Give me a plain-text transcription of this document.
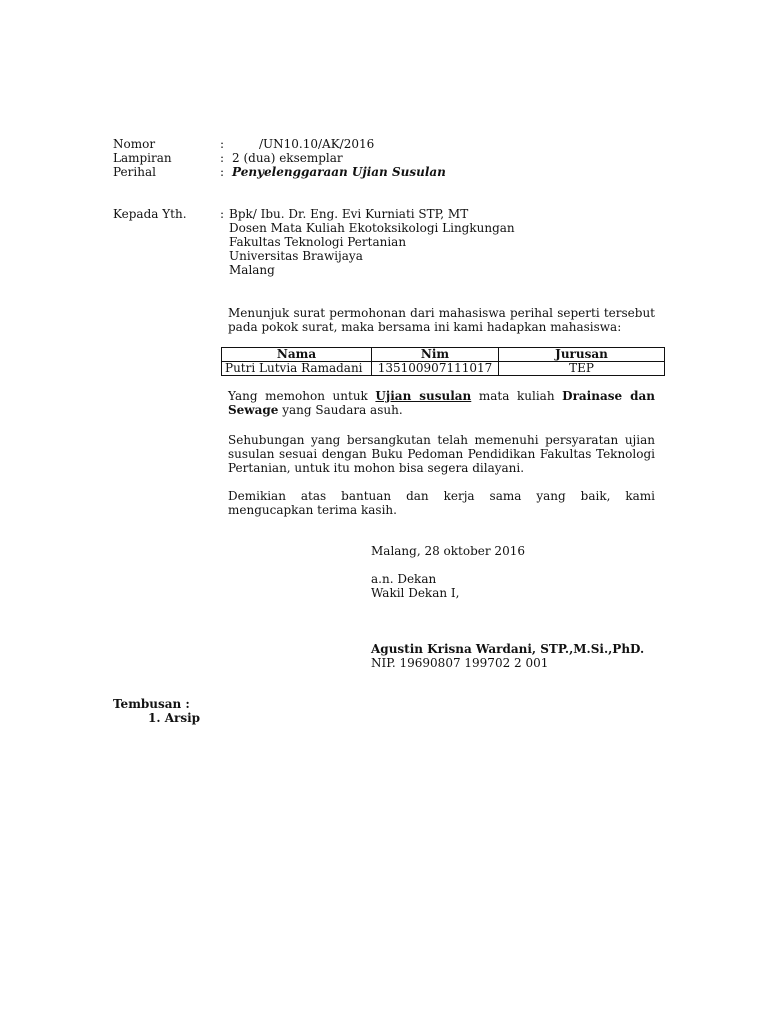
Nomor	:	/UN10.10/AK/2016
Lampiran	: 2 (dua) eksemplar
Perihal	: Penyelenggaraan Ujian Susulan
Kepada Yth.	: Bpk/ Ibu. Dr. Eng. Evi Kurniati STP, MT
Dosen Mata Kuliah Ekotoksikologi Lingkungan
Fakultas Teknologi Pertanian
Universitas Brawijaya
Malang
Menunjuk surat permohonan dari mahasiswa perihal seperti tersebut pada pokok surat, maka bersama ini kami hadapkan mahasiswa:
Nama	Nim	Jurusan
Putri Lutvia Ramadani	135100907111017	TEP
Yang memohon untuk Ujian susulan mata kuliah Drainase dan Sewage yang Saudara asuh.
Sehubungan yang bersangkutan telah memenuhi persyaratan ujian susulan sesuai dengan Buku Pedoman Pendidikan Fakultas Teknologi Pertanian, untuk itu mohon bisa segera dilayani.
Demikian atas bantuan dan kerja sama yang baik, kami mengucapkan terima kasih.
Malang, 28 oktober 2016
a.n. Dekan
Wakil Dekan I,
Agustin Krisna Wardani, STP.,M.Si.,PhD.
NIP. 19690807 199702 2 001
Tembusan :
1. Arsip
